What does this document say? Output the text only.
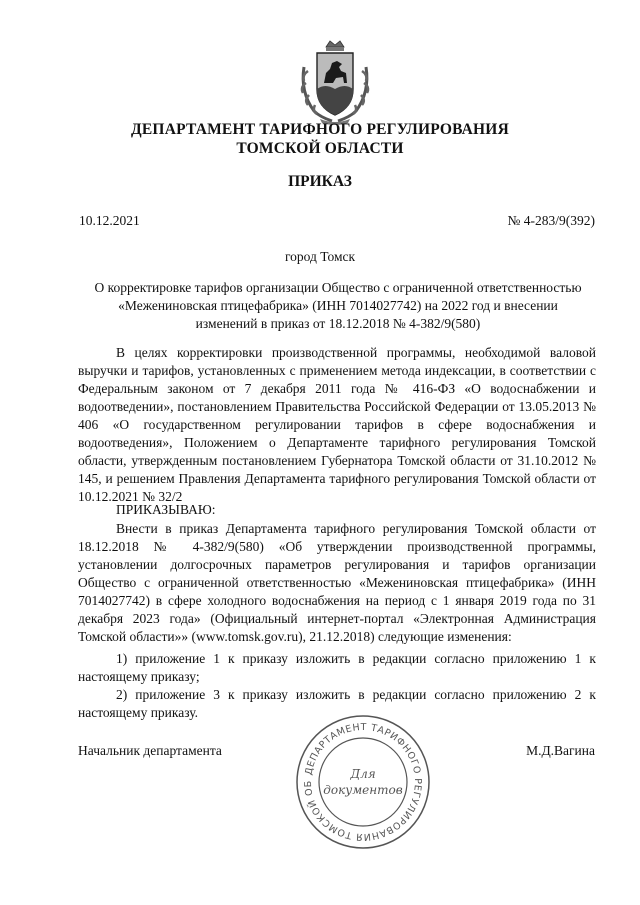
ДЕПАРТАМЕНТ ТАРИФНОГО РЕГУЛИРОВАНИЯ
ТОМСКОЙ ОБЛАСТИ
ПРИКАЗ
10.12.2021	№ 4-283/9(392)
город Томск
О корректировке тарифов организации Общество с ограниченной ответственностью
«Межениновская птицефабрика» (ИНН 7014027742) на 2022 год и внесении
изменений в приказ от 18.12.2018 № 4-382/9(580)
В целях корректировки производственной программы, необходимой валовой выручки и тарифов, установленных с применением метода индексации, в соответствии с Федеральным законом от 7 декабря 2011 года № 416-ФЗ «О водоснабжении и водоотведении», постановлением Правительства Российской Федерации от 13.05.2013 № 406 «О государственном регулировании тарифов в сфере водоснабжения и водоотведения», Положением о Департаменте тарифного регулирования Томской области, утвержденным постановлением Губернатора Томской области от 31.10.2012 № 145, и решением Правления Департамента тарифного регулирования Томской области от 10.12.2021 № 32/2
ПРИКАЗЫВАЮ:
Внести в приказ Департамента тарифного регулирования Томской области от 18.12.2018 № 4-382/9(580) «Об утверждении производственной программы, установлении долгосрочных параметров регулирования и тарифов организации Общество с ограниченной ответственностью «Межениновская птицефабрика» (ИНН 7014027742) в сфере холодного водоснабжения на период с 1 января 2019 года по 31 декабря 2023 года» (Официальный интернет-портал «Электронная Администрация Томской области»» (www.tomsk.gov.ru), 21.12.2018) следующие изменения:
1) приложение 1 к приказу изложить в редакции согласно приложению 1 к настоящему приказу;
2) приложение 3 к приказу изложить в редакции согласно приложению 2 к настоящему приказу.
Начальник департамента	М.Д.Вагина
ДЕПАРТАМЕНТ ТАРИФНОГО РЕГУЛИРОВАНИЯ ТОМСКОЙ ОБ
Для
документов
